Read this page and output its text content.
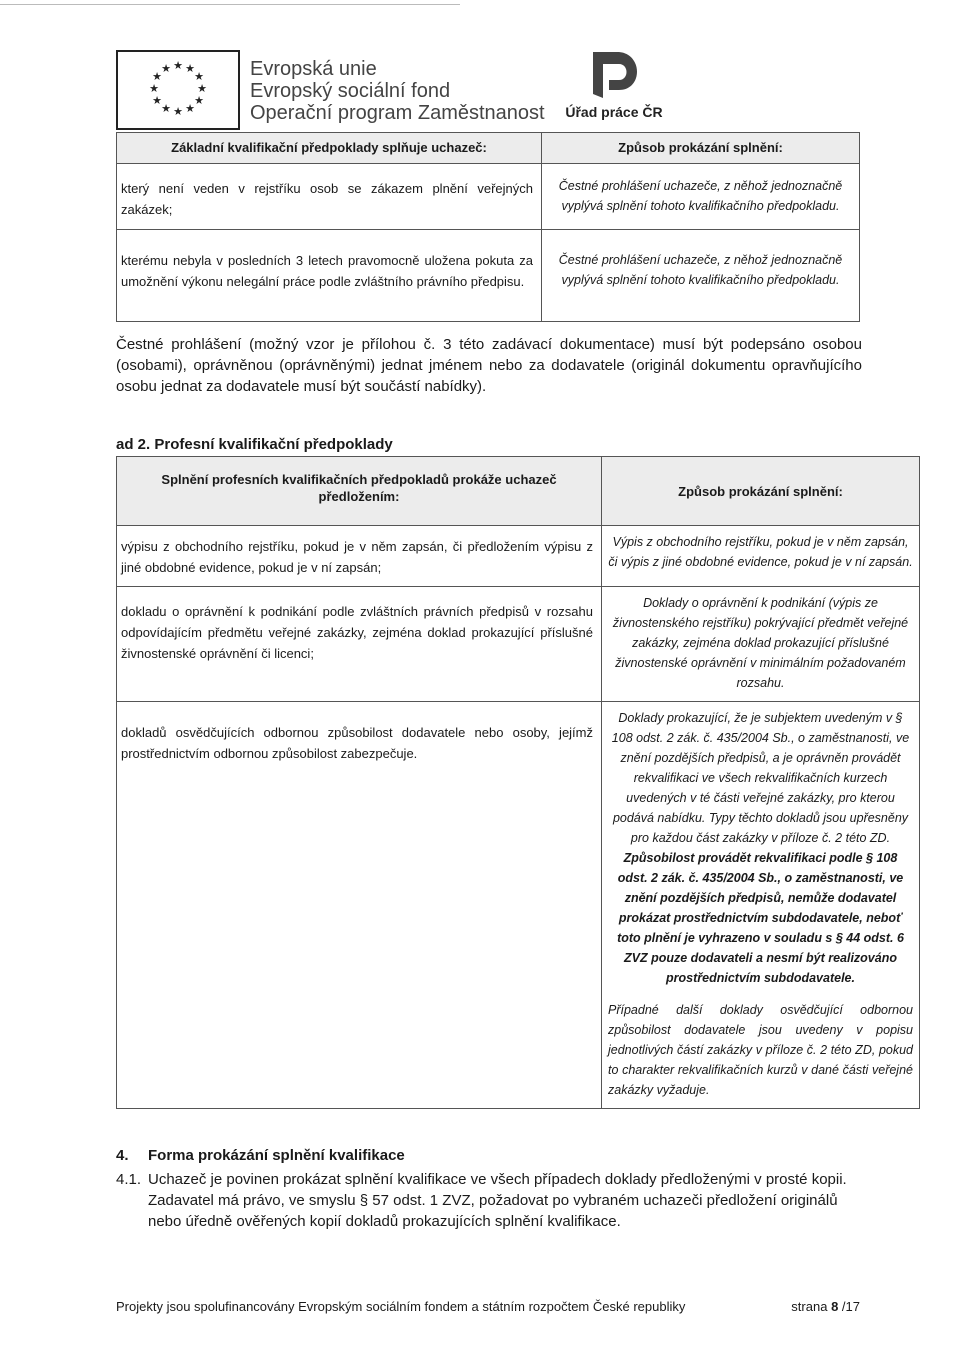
★ ★
★
★
★
★
★
★
★
★
★
★	Evropská unie
Evropský sociální fond
Operační program Zaměstnanost	Úřad práce ČR
Základní kvalifikační předpoklady splňuje uchazeč:	Způsob prokázání splnění:
který není veden v rejstříku osob se zákazem plnění veřejných zakázek;	Čestné prohlášení uchazeče, z něhož jednoznačně vyplývá splnění tohoto kvalifikačního předpokladu.
kterému nebyla v posledních 3 letech pravomocně uložena pokuta za umožnění výkonu nelegální práce podle zvláštního právního předpisu.	Čestné prohlášení uchazeče, z něhož jednoznačně vyplývá splnění tohoto kvalifikačního předpokladu.
Čestné prohlášení (možný vzor je přílohou č. 3 této zadávací dokumentace) musí být podepsáno osobou (osobami), oprávněnou (oprávněnými) jednat jménem nebo za dodavatele (originál dokumentu opravňujícího osobu jednat za dodavatele musí být součástí nabídky).
ad 2. Profesní kvalifikační předpoklady
Splnění profesních kvalifikačních předpokladů prokáže uchazeč předložením:	Způsob prokázání splnění:
výpisu z obchodního rejstříku, pokud je v něm zapsán, či předložením výpisu z jiné obdobné evidence, pokud je v ní zapsán;	Výpis z obchodního rejstříku, pokud je v něm zapsán, či výpis z jiné obdobné evidence, pokud je v ní zapsán.
dokladu o oprávnění k podnikání podle zvláštních právních předpisů v rozsahu odpovídajícím předmětu veřejné zakázky, zejména doklad prokazující příslušné živnostenské oprávnění či licenci;	Doklady o oprávnění k podnikání (výpis ze živnostenského rejstříku) pokrývající předmět veřejné zakázky, zejména doklad prokazující příslušné živnostenské oprávnění v minimálním požadovaném rozsahu.
dokladů osvědčujících odbornou způsobilost dodavatele nebo osoby, jejímž prostřednictvím odbornou způsobilost zabezpečuje.	Doklady prokazující, že je subjektem uvedeným v § 108 odst. 2 zák. č. 435/2004 Sb., o zaměstnanosti, ve znění pozdějších předpisů, a je oprávněn provádět rekvalifikaci ve všech rekvalifikačních kurzech uvedených v té části veřejné zakázky, pro kterou podává nabídku. Typy těchto dokladů jsou upřesněny pro každou část zakázky v příloze č. 2 této ZD.
Způsobilost provádět rekvalifikaci podle § 108 odst. 2 zák. č. 435/2004 Sb., o zaměstnanosti, ve znění pozdějších předpisů, nemůže dodavatel prokázat prostřednictvím subdodavatele, neboť toto plnění je vyhrazeno v souladu s § 44 odst. 6 ZVZ pouze dodavateli a nesmí být realizováno prostřednictvím subdodavatele.
Případné další doklady osvědčující odbornou způsobilost dodavatele jsou uvedeny v popisu jednotlivých částí zakázky v příloze č. 2 této ZD, pokud to charakter rekvalifikačních kurzů v dané části veřejné zakázky vyžaduje.
4. Forma prokázání splnění kvalifikace
4.1. Uchazeč je povinen prokázat splnění kvalifikace ve všech případech doklady předloženými v prosté kopii.
Zadavatel má právo, ve smyslu § 57 odst. 1 ZVZ, požadovat po vybraném uchazeči předložení originálů nebo úředně ověřených kopií dokladů prokazujících splnění kvalifikace.
Projekty jsou spolufinancovány Evropským sociálním fondem a státním rozpočtem České republiky	strana 8 /17
